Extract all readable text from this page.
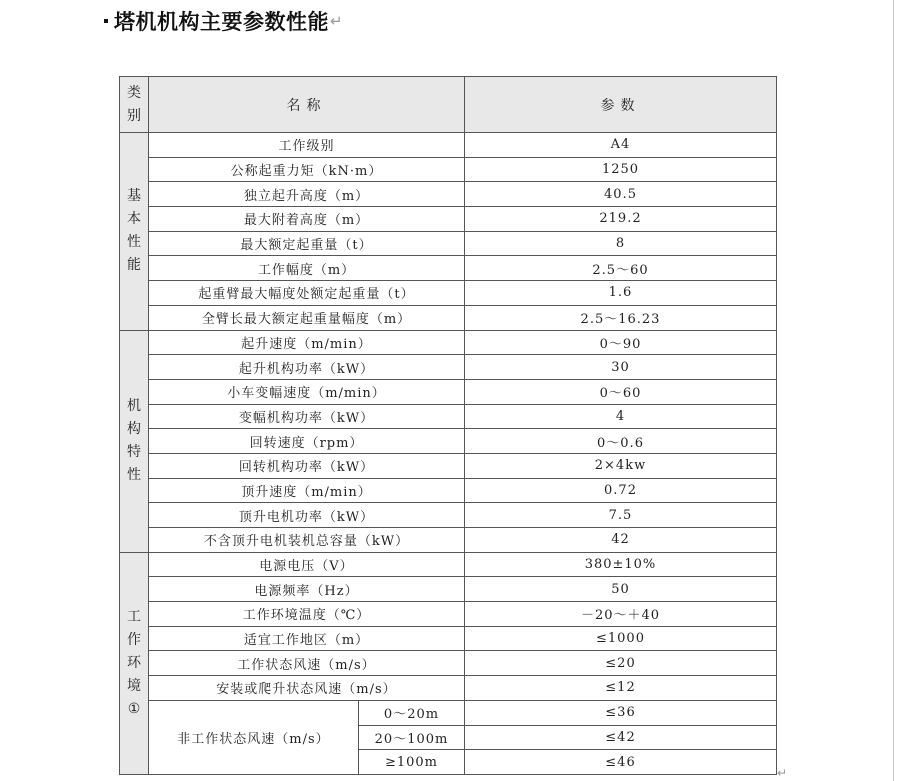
塔机机构主要参数性能 ↵
类
别	名称		参数

基
本
性
能	工作级别		A4
	公称起重力矩（kN·m）		1250
	独立起升高度（m）		40.5
	最大附着高度（m）		219.2
	最大额定起重量（t）		8
	工作幅度（m）		2.5～60
	起重臂最大幅度处额定起重量（t）		1.6
	全臂长最大额定起重量幅度（m）		2.5～16.23

机
构
特
性	起升速度（m/min）		0～90
	起升机构功率（kW）		30
	小车变幅速度（m/min）		0～60
	变幅机构功率（kW）		4
	回转速度（rpm）		0～0.6
	回转机构功率（kW）		2×4kw
	顶升速度（m/min）		0.72
	顶升电机功率（kW）		7.5
	不含顶升电机装机总容量（kW）		42

工
作
环
境
①	电源电压（V）		380±10%
	电源频率（Hz）		50
	工作环境温度（℃）		－20～＋40
	适宜工作地区（m）		≤1000
	工作状态风速（m/s）		≤20
	安装或爬升状态风速（m/s）		≤12
	非工作状态风速（m/s）	0～20m	≤36
		20～100m	≤42
		≥100m	≤46
↵
